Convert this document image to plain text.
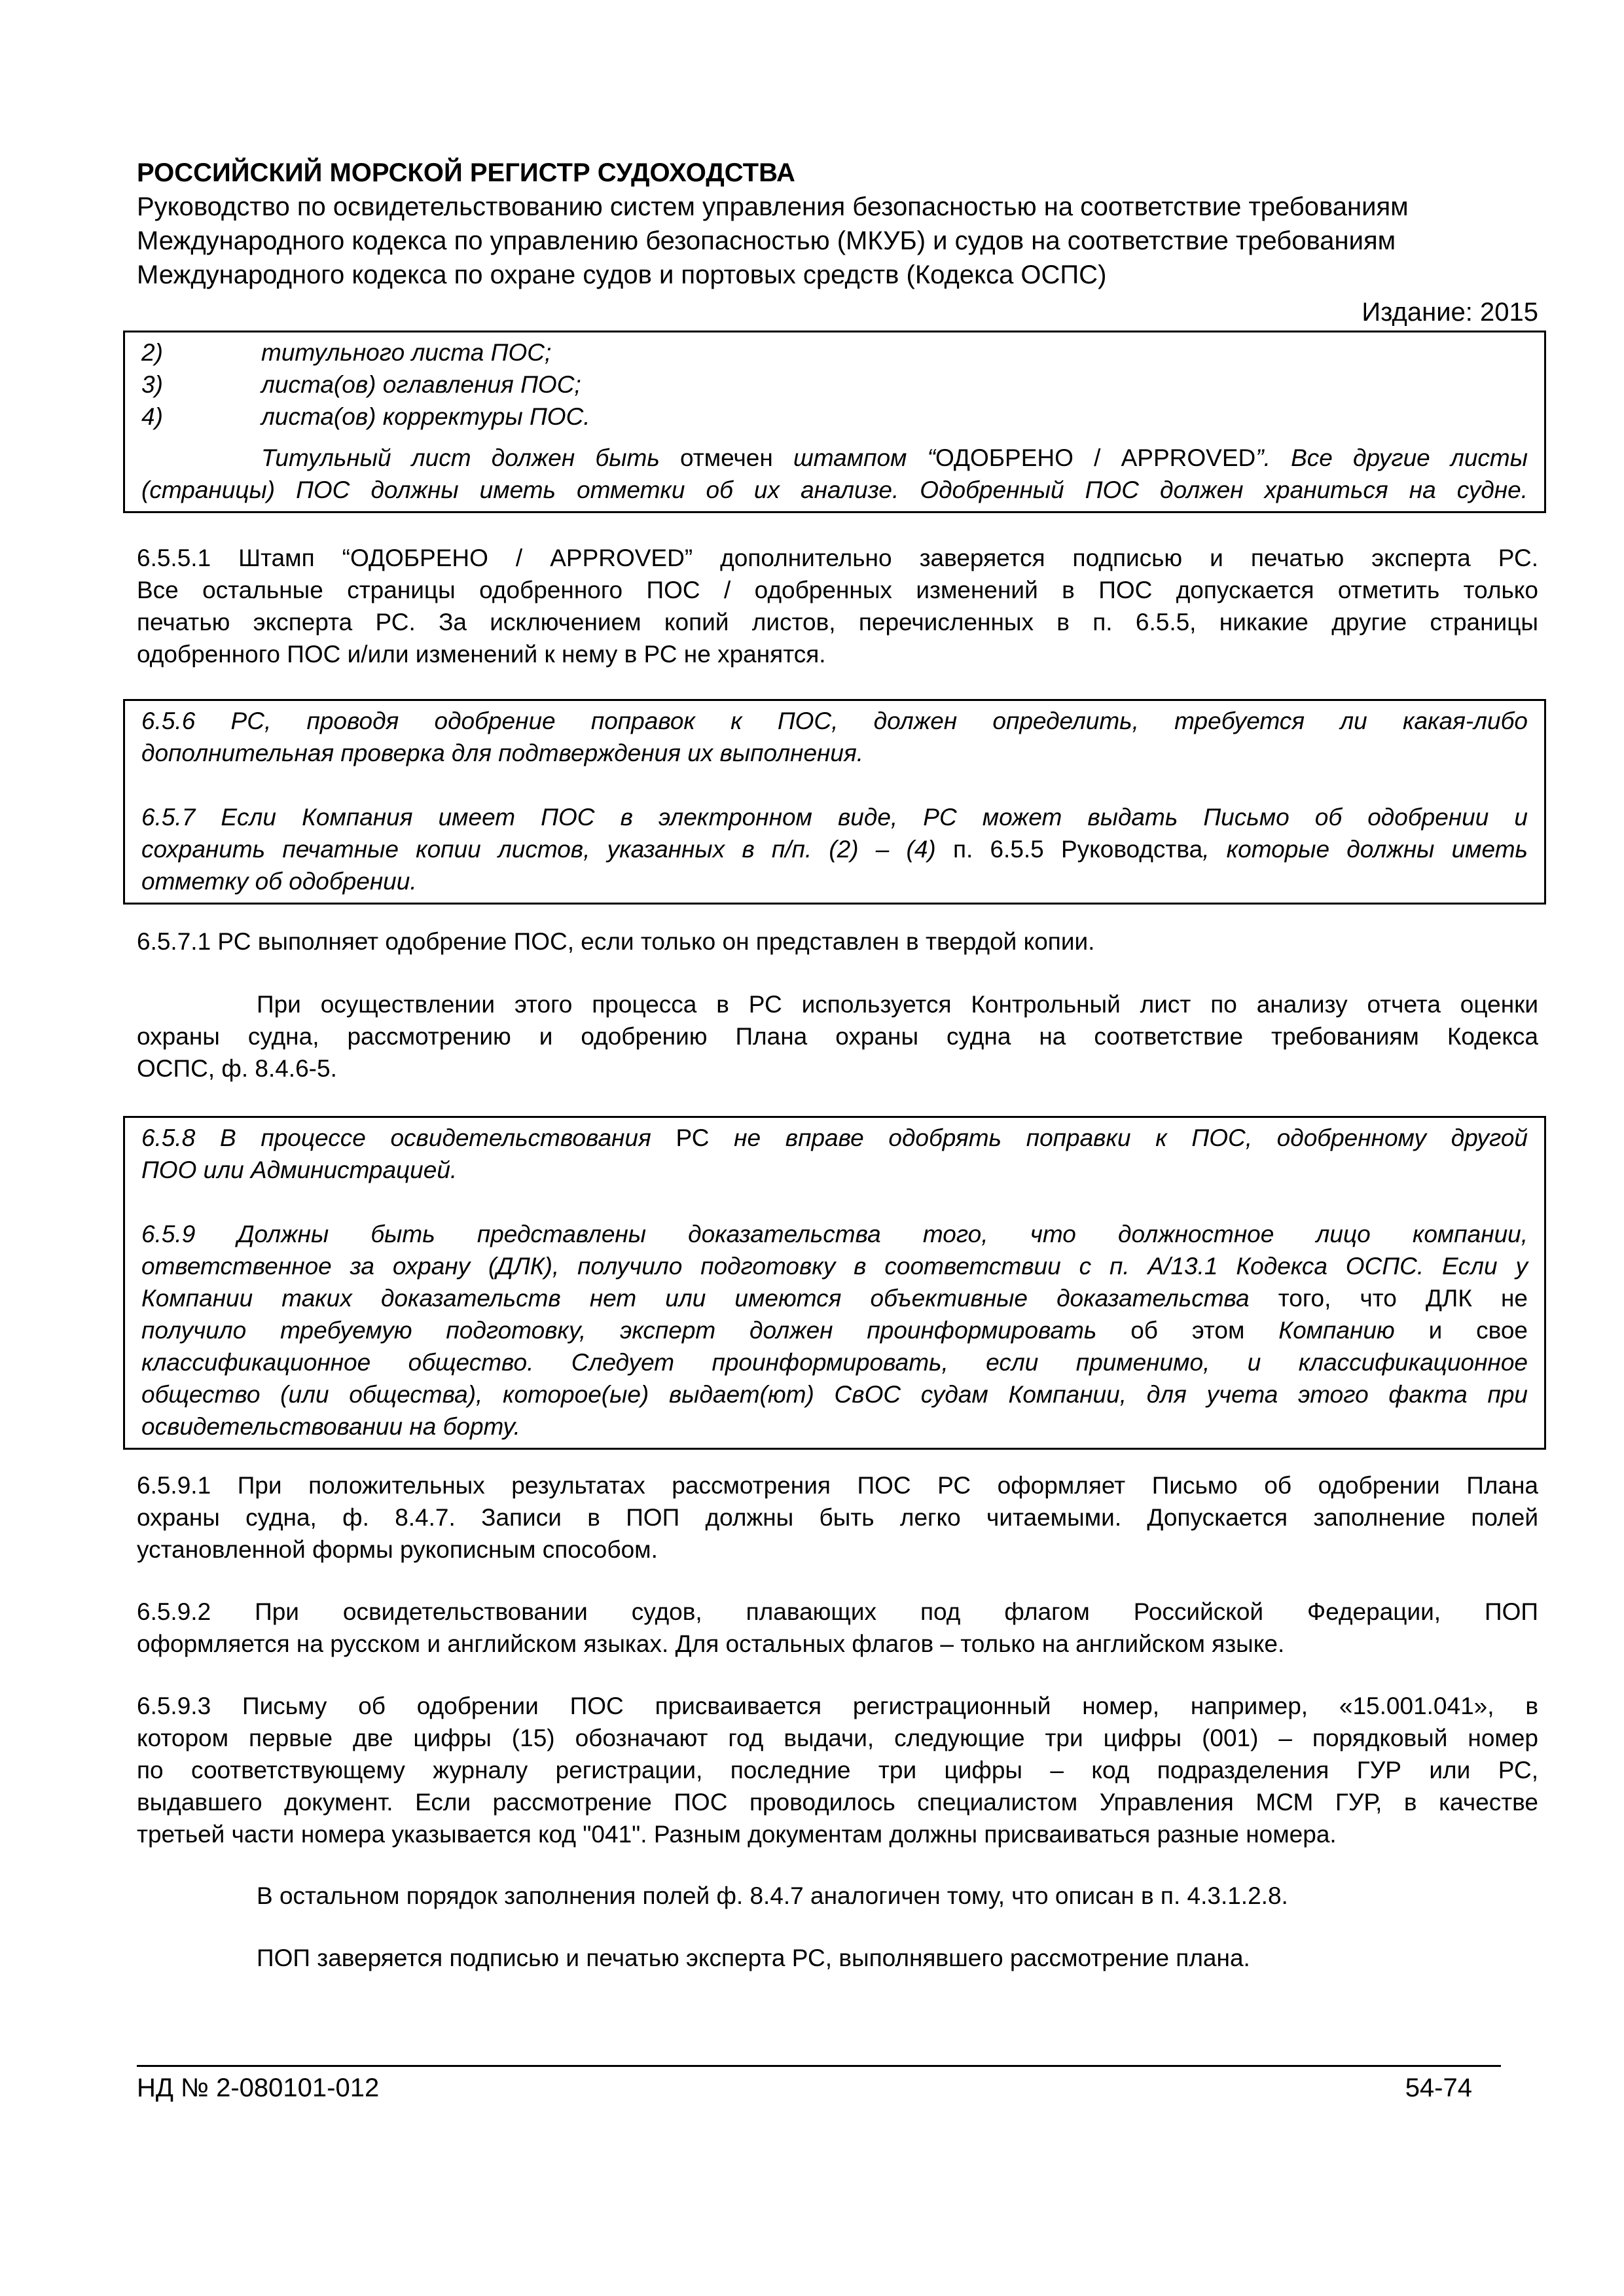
РОССИЙСКИЙ МОРСКОЙ РЕГИСТР СУДОХОДСТВА
Руководство по освидетельствованию систем управления безопасностью на соответствие требованиям
Международного кодекса по управлению безопасностью (МКУБ) и судов на соответствие требованиям
Международного кодекса по охране судов и портовых средств (Кодекса ОСПС)
Издание: 2015
2)	титульного листа ПОС;
3)	листа(ов) оглавления ПОС;
4)	листа(ов) корректуры ПОС.
Титульный лист должен быть отмечен штампом “ОДОБРЕНО / APPROVED”. Все другие листы
(страницы) ПОС должны иметь отметки об их анализе. Одобренный ПОС должен храниться на судне.
6.5.5.1 Штамп “ОДОБРЕНО / APPROVED” дополнительно заверяется подписью и печатью эксперта РС.
Все остальные страницы одобренного ПОС / одобренных изменений в ПОС допускается отметить только
печатью эксперта РС. За исключением копий листов, перечисленных в п. 6.5.5, никакие другие страницы
одобренного ПОС и/или изменений к нему в РС не хранятся.
6.5.6 РС, проводя одобрение поправок к ПОС, должен определить, требуется ли какая-либо
дополнительная проверка для подтверждения их выполнения.
6.5.7 Если Компания имеет ПОС в электронном виде, РС может выдать Письмо об одобрении и
сохранить печатные копии листов, указанных в п/п. (2) – (4) п. 6.5.5 Руководства, которые должны иметь
отметку об одобрении.
6.5.7.1 РС выполняет одобрение ПОС, если только он представлен в твердой копии.
При осуществлении этого процесса в РС используется Контрольный лист по анализу отчета оценки
охраны судна, рассмотрению и одобрению Плана охраны судна на соответствие требованиям Кодекса
ОСПС, ф. 8.4.6-5.
6.5.8 В процессе освидетельствования РС не вправе одобрять поправки к ПОС, одобренному другой
ПОО или Администрацией.
6.5.9 Должны быть представлены доказательства того, что должностное лицо компании,
ответственное за охрану (ДЛК), получило подготовку в соответствии с п. А/13.1 Кодекса ОСПС. Если у
Компании таких доказательств нет или имеются объективные доказательства того, что ДЛК не
получило требуемую подготовку, эксперт должен проинформировать об этом Компанию и свое
классификационное общество. Следует проинформировать, если применимо, и классификационное
общество (или общества), которое(ые) выдает(ют) СвОС судам Компании, для учета этого факта при
освидетельствовании на борту.
6.5.9.1 При положительных результатах рассмотрения ПОС РС оформляет Письмо об одобрении Плана
охраны судна, ф. 8.4.7. Записи в ПОП должны быть легко читаемыми. Допускается заполнение полей
установленной формы рукописным способом.
6.5.9.2 При освидетельствовании судов, плавающих под флагом Российской Федерации, ПОП
оформляется на русском и английском языках. Для остальных флагов – только на английском языке.
6.5.9.3 Письму об одобрении ПОС присваивается регистрационный номер, например, «15.001.041», в
котором первые две цифры (15) обозначают год выдачи, следующие три цифры (001) – порядковый номер
по соответствующему журналу регистрации, последние три цифры – код подразделения ГУР или РС,
выдавшего документ. Если рассмотрение ПОС проводилось специалистом Управления МСМ ГУР, в качестве
третьей части номера указывается код "041". Разным документам должны присваиваться разные номера.
В остальном порядок заполнения полей ф. 8.4.7 аналогичен тому, что описан в п. 4.3.1.2.8.
ПОП заверяется подписью и печатью эксперта РС, выполнявшего рассмотрение плана.
НД № 2-080101-012	54-74
